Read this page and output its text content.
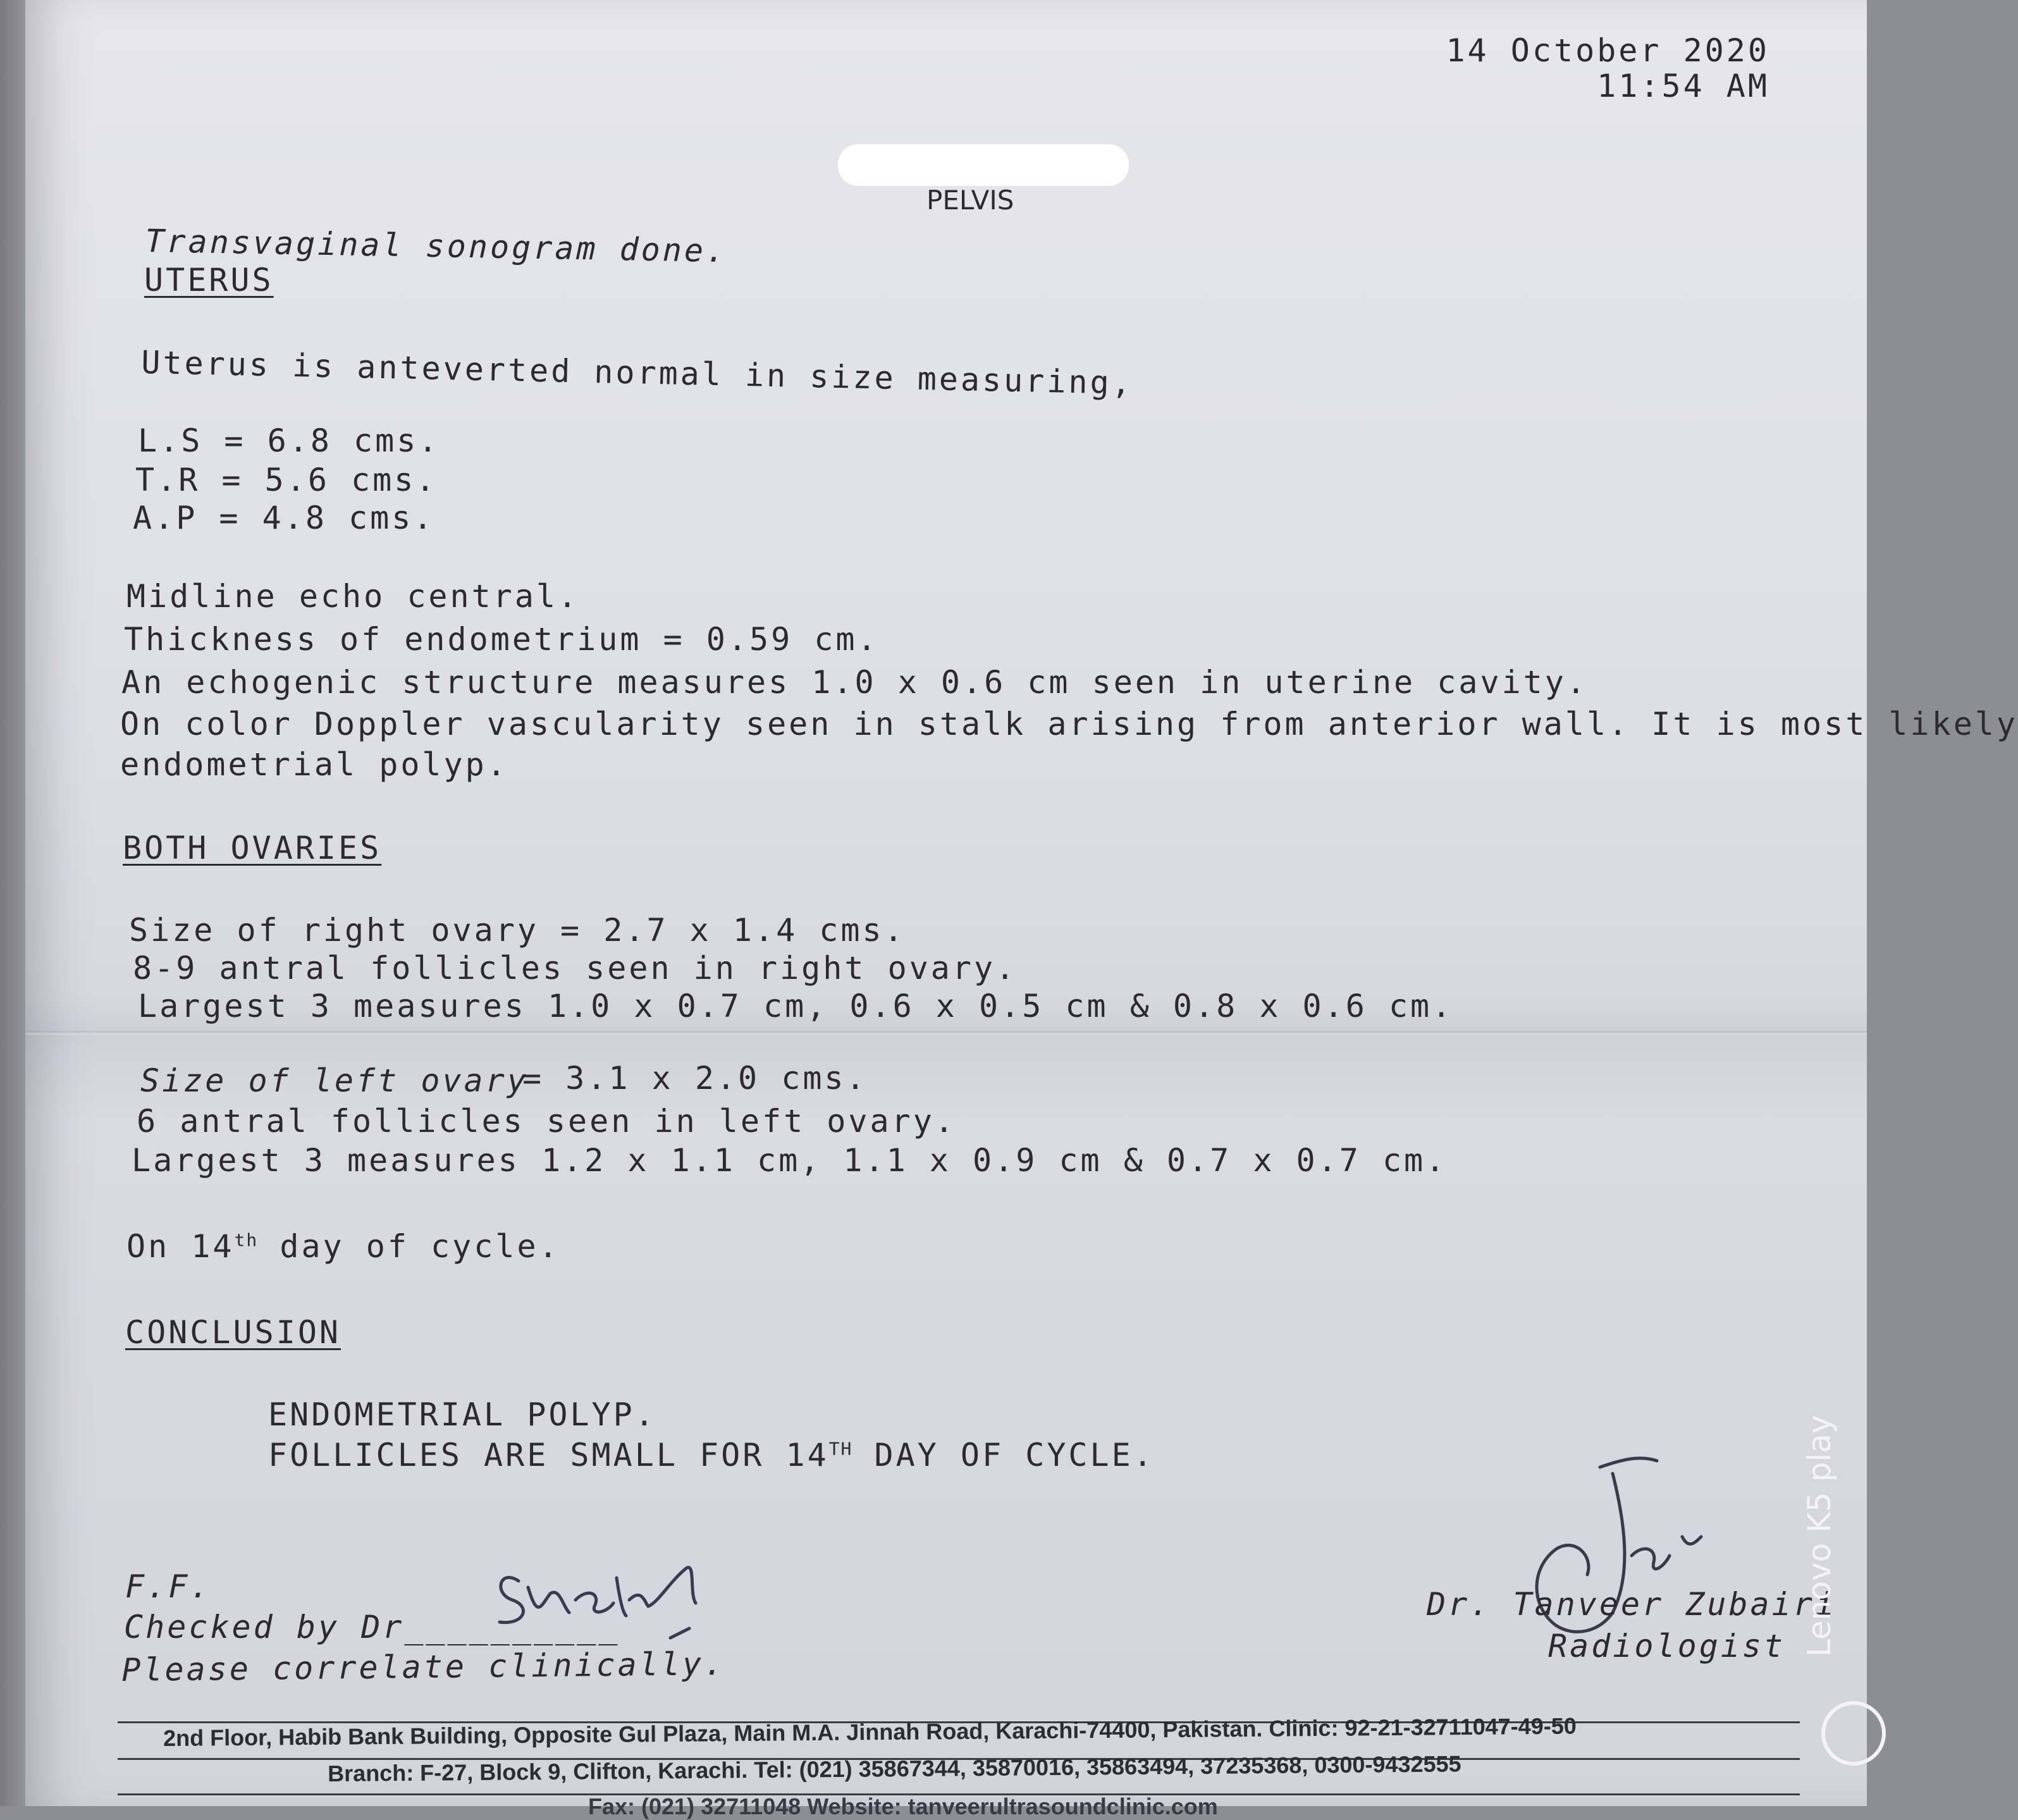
14 October 2020
11:54 AM
PELVIS
Transvaginal sonogram done.
UTERUS
Uterus is anteverted normal in size measuring,
L.S = 6.8 cms.
T.R = 5.6 cms.
A.P = 4.8 cms.
Midline echo central.
Thickness of endometrium = 0.59 cm.
An echogenic structure measures 1.0 x 0.6 cm seen in uterine cavity.
On color Doppler vascularity seen in stalk arising from anterior wall. It is most likely
endometrial polyp.
BOTH OVARIES
Size of right ovary = 2.7 x 1.4 cms.
8-9 antral follicles seen in right ovary.
Largest 3 measures 1.0 x 0.7 cm, 0.6 x 0.5 cm & 0.8 x 0.6 cm.
Size of left ovary
= 3.1 x 2.0 cms.
6 antral follicles seen in left ovary.
Largest 3 measures 1.2 x 1.1 cm, 1.1 x 0.9 cm & 0.7 x 0.7 cm.
On 14th day of cycle.
CONCLUSION
ENDOMETRIAL POLYP.
FOLLICLES ARE SMALL FOR 14TH DAY OF CYCLE.
F.F.
Checked by Dr__________
Please correlate clinically.
Dr. Tanveer Zubairi
Radiologist
2nd Floor, Habib Bank Building, Opposite Gul Plaza, Main M.A. Jinnah Road, Karachi-74400, Pakistan. Clinic: 92-21-32711047-49-50
Branch: F-27, Block 9, Clifton, Karachi. Tel: (021) 35867344, 35870016, 35863494, 37235368, 0300-9432555
Fax: (021) 32711048 Website: tanveerultrasoundclinic.com
Lenovo K5 play
